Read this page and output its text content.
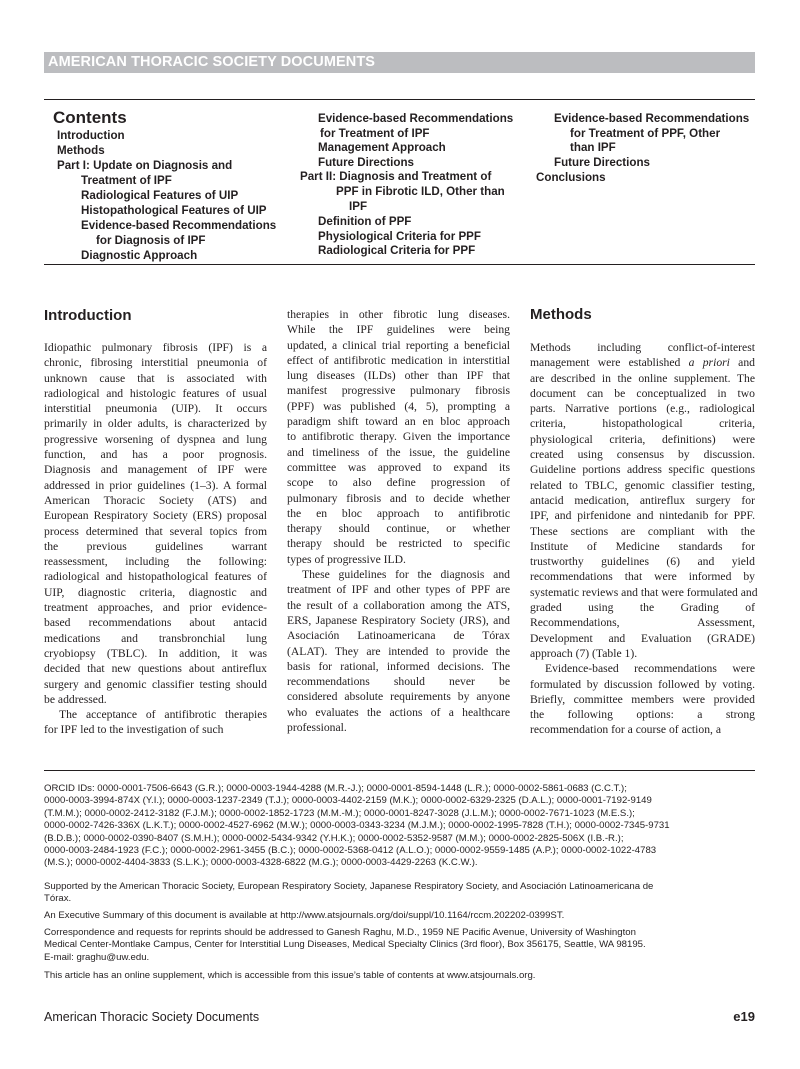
AMERICAN THORACIC SOCIETY DOCUMENTS
Contents
Introduction
Methods
Part I: Update on Diagnosis and
Treatment of IPF
Radiological Features of UIP
Histopathological Features of UIP
Evidence-based Recommendations
for Diagnosis of IPF
Diagnostic Approach
Evidence-based Recommendations
for Treatment of IPF
Management Approach
Future Directions
Part II: Diagnosis and Treatment of
PPF in Fibrotic ILD, Other than
IPF
Definition of PPF
Physiological Criteria for PPF
Radiological Criteria for PPF
Evidence-based Recommendations
for Treatment of PPF, Other
than IPF
Future Directions
Conclusions
Introduction

Idiopathic pulmonary fibrosis (IPF) is a
chronic, fibrosing interstitial pneumonia of
unknown cause that is associated with
radiological and histologic features of usual
interstitial pneumonia (UIP). It occurs
primarily in older adults, is characterized by
progressive worsening of dyspnea and lung
function, and has a poor prognosis.
Diagnosis and management of IPF were
addressed in prior guidelines (1–3). A formal
American Thoracic Society (ATS) and
European Respiratory Society (ERS) proposal
process determined that several topics from
the previous guidelines warrant
reassessment, including the following:
radiological and histopathological features of
UIP, diagnostic criteria, diagnostic and
treatment approaches, and prior evidence-
based recommendations about antacid
medications and transbronchial lung
cryobiopsy (TBLC). In addition, it was
decided that new questions about antireflux
surgery and genomic classifier testing should
be addressed.

The acceptance of antifibrotic therapies
for IPF led to the investigation of such

therapies in other fibrotic lung diseases.
While the IPF guidelines were being
updated, a clinical trial reporting a beneficial
effect of antifibrotic medication in interstitial
lung diseases (ILDs) other than IPF that
manifest progressive pulmonary fibrosis
(PPF) was published (4, 5), prompting a
paradigm shift toward an en bloc approach
to antifibrotic therapy. Given the importance
and timeliness of the issue, the guideline
committee was approved to expand its
scope to also define progression of
pulmonary fibrosis and to decide whether
the en bloc approach to antifibrotic
therapy should continue, or whether
therapy should be restricted to specific
types of progressive ILD.

These guidelines for the diagnosis and
treatment of IPF and other types of PPF are
the result of a collaboration among the ATS,
ERS, Japanese Respiratory Society (JRS), and
Asociación Latinoamericana de Tórax
(ALAT). They are intended to provide the
basis for rational, informed decisions. The
recommendations should never be
considered absolute requirements by anyone
who evaluates the actions of a healthcare
professional.

Methods

Methods including conflict-of-interest
management were established a priori and
are described in the online supplement. The
document can be conceptualized in two
parts. Narrative portions (e.g., radiological
criteria, histopathological criteria,
physiological criteria, definitions) were
created using consensus by discussion.
Guideline portions address specific questions
related to TBLC, genomic classifier testing,
antacid medication, antireflux surgery for
IPF, and pirfenidone and nintedanib for PPF.
These sections are compliant with the
Institute of Medicine standards for
trustworthy guidelines (6) and yield
recommendations that were informed by
systematic reviews and that were formulated and
graded using the Grading of
Recommendations, Assessment,
Development and Evaluation (GRADE)
approach (7) (Table 1).

Evidence-based recommendations were
formulated by discussion followed by voting.
Briefly, committee members were provided
the following options: a strong
recommendation for a course of action, a

ORCID IDs: 0000-0001-7506-6643 (G.R.); 0000-0003-1944-4288 (M.R.-J.); 0000-0001-8594-1448 (L.R.); 0000-0002-5861-0683 (C.C.T.);
0000-0003-3994-874X (Y.I.); 0000-0003-1237-2349 (T.J.); 0000-0003-4402-2159 (M.K.); 0000-0002-6329-2325 (D.A.L.); 0000-0001-7192-9149
(T.M.M.); 0000-0002-2412-3182 (F.J.M.); 0000-0002-1852-1723 (M.M.-M.); 0000-0001-8247-3028 (J.L.M.); 0000-0002-7671-1023 (M.E.S.);
0000-0002-7426-336X (L.K.T.); 0000-0002-4527-6962 (M.W.); 0000-0003-0343-3234 (M.J.M.); 0000-0002-1995-7828 (T.H.); 0000-0002-7345-9731
(B.D.B.); 0000-0002-0390-8407 (S.M.H.); 0000-0002-5434-9342 (Y.H.K.); 0000-0002-5352-9587 (M.M.); 0000-0002-2825-506X (I.B.-R.);
0000-0003-2484-1923 (F.C.); 0000-0002-2961-3455 (B.C.); 0000-0002-5368-0412 (A.L.O.); 0000-0002-9559-1485 (A.P.); 0000-0002-1022-4783
(M.S.); 0000-0002-4404-3833 (S.L.K.); 0000-0003-4328-6822 (M.G.); 0000-0003-4429-2263 (K.C.W.).
Supported by the American Thoracic Society, European Respiratory Society, Japanese Respiratory Society, and Asociación Latinoamericana de
Tórax.
An Executive Summary of this document is available at http://www.atsjournals.org/doi/suppl/10.1164/rccm.202202-0399ST.
Correspondence and requests for reprints should be addressed to Ganesh Raghu, M.D., 1959 NE Pacific Avenue, University of Washington
Medical Center-Montlake Campus, Center for Interstitial Lung Diseases, Medical Specialty Clinics (3rd floor), Box 356175, Seattle, WA 98195.
E-mail: graghu@uw.edu.
This article has an online supplement, which is accessible from this issue’s table of contents at www.atsjournals.org.
American Thoracic Society Documents	e19
